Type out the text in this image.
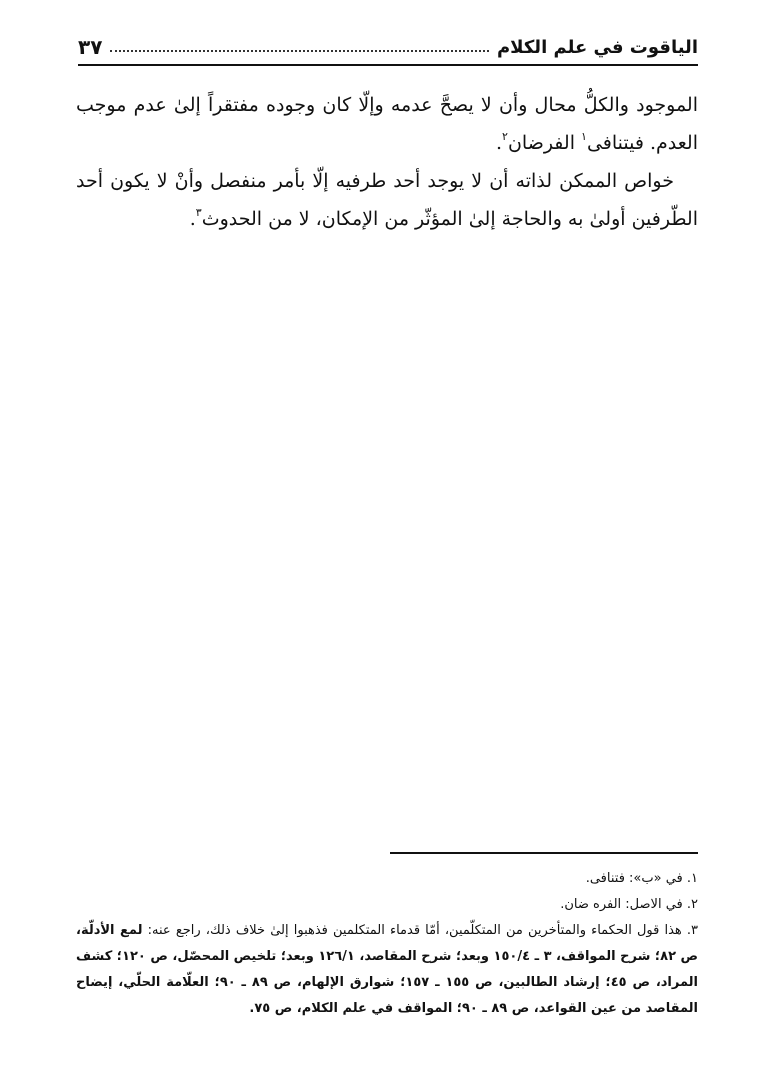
الياقوت في علم الكلام
٣٧

الموجود والكلُّ محال وأن لا يصحَّ عدمه وإلّا كان وجوده مفتقراً إلىٰ عدم موجب العدم. فيتنافى$^١$ الفرضان$^٢$.

خواص الممكن لذاته أن لا يوجد أحد طرفيه إلّا بأمر منفصل وأنْ لا يكون أحد الطّرفين أولىٰ به والحاجة إلىٰ المؤثّر من الإمكان، لا من الحدوث$^٣$.

١. في «ب»: فتنافى.

٢. في الاصل: الفره ضان.

٣. هذا قول الحكماء والمتأخرين من المتكلّمين، أمّا قدماء المتكلمين فذهبوا إلىٰ خلاف ذلك، راجع عنه: لمع الأدلّة، ص ٨٢؛ شرح المواقف، ٣ ـ ١٥٠/٤ وبعد؛ شرح المقاصد، ١٢٦/١ وبعد؛ تلخيص المحصّل، ص ١٢٠؛ كشف المراد، ص ٤٥؛ إرشاد الطالبين، ص ١٥٥ ـ ١٥٧؛ شوارق الإلهام، ص ٨٩ ـ ٩٠؛ العلّامة الحلّي، إيضاح المقاصد من عين القواعد، ص ٨٩ ـ ٩٠؛ المواقف في علم الكلام، ص ٧٥.
